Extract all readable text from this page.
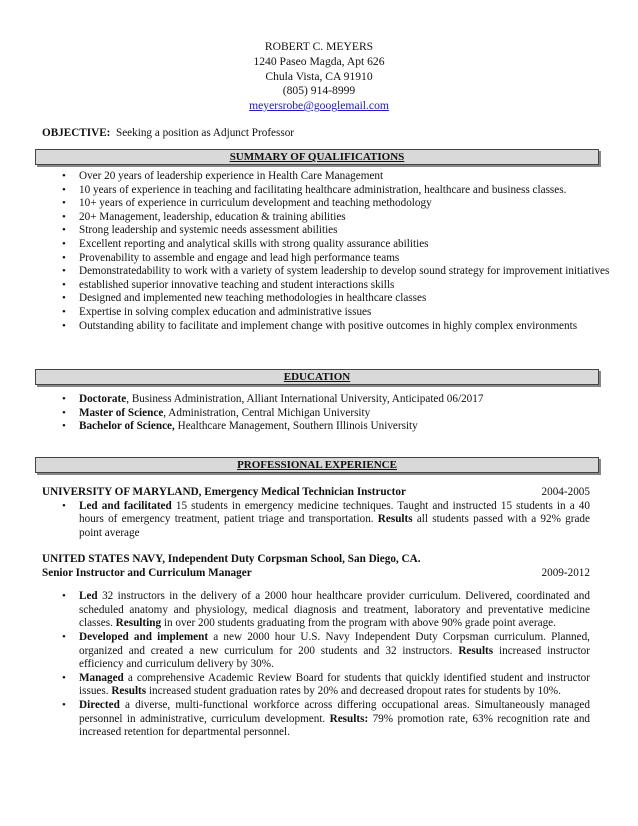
ROBERT C. MEYERS
1240 Paseo Magda, Apt 626
Chula Vista, CA 91910
(805) 914-8999
meyersrobe@googlemail.com
OBJECTIVE: Seeking a position as Adjunct Professor
SUMMARY OF QUALIFICATIONS
• Over 20 years of leadership experience in Health Care Management
• 10 years of experience in teaching and facilitating healthcare administration, healthcare and business classes.
• 10+ years of experience in curriculum development and teaching methodology
• 20+ Management, leadership, education & training abilities
• Strong leadership and systemic needs assessment abilities
• Excellent reporting and analytical skills with strong quality assurance abilities
• Provenability to assemble and engage and lead high performance teams
• Demonstratedability to work with a variety of system leadership to develop sound strategy for improvement initiatives
• established superior innovative teaching and student interactions skills
• Designed and implemented new teaching methodologies in healthcare classes
• Expertise in solving complex education and administrative issues
• Outstanding ability to facilitate and implement change with positive outcomes in highly complex environments
EDUCATION
• Doctorate, Business Administration, Alliant International University, Anticipated 06/2017
• Master of Science, Administration, Central Michigan University
• Bachelor of Science, Healthcare Management, Southern Illinois University
PROFESSIONAL EXPERIENCE
UNIVERSITY OF MARYLAND, Emergency Medical Technician Instructor	2004-2005
• Led and facilitated 15 students in emergency medicine techniques. Taught and instructed 15 students in a 40 hours of emergency treatment, patient triage and transportation. Results all students passed with a 92% grade point average
UNITED STATES NAVY, Independent Duty Corpsman School, San Diego, CA.
Senior Instructor and Curriculum Manager	2009-2012
• Led 32 instructors in the delivery of a 2000 hour healthcare provider curriculum. Delivered, coordinated and scheduled anatomy and physiology, medical diagnosis and treatment, laboratory and preventative medicine classes. Resulting in over 200 students graduating from the program with above 90% grade point average.
• Developed and implement a new 2000 hour U.S. Navy Independent Duty Corpsman curriculum. Planned, organized and created a new curriculum for 200 students and 32 instructors. Results increased instructor efficiency and curriculum delivery by 30%.
• Managed a comprehensive Academic Review Board for students that quickly identified student and instructor issues. Results increased student graduation rates by 20% and decreased dropout rates for students by 10%.
• Directed a diverse, multi-functional workforce across differing occupational areas. Simultaneously managed personnel in administrative, curriculum development. Results: 79% promotion rate, 63% recognition rate and increased retention for departmental personnel.
